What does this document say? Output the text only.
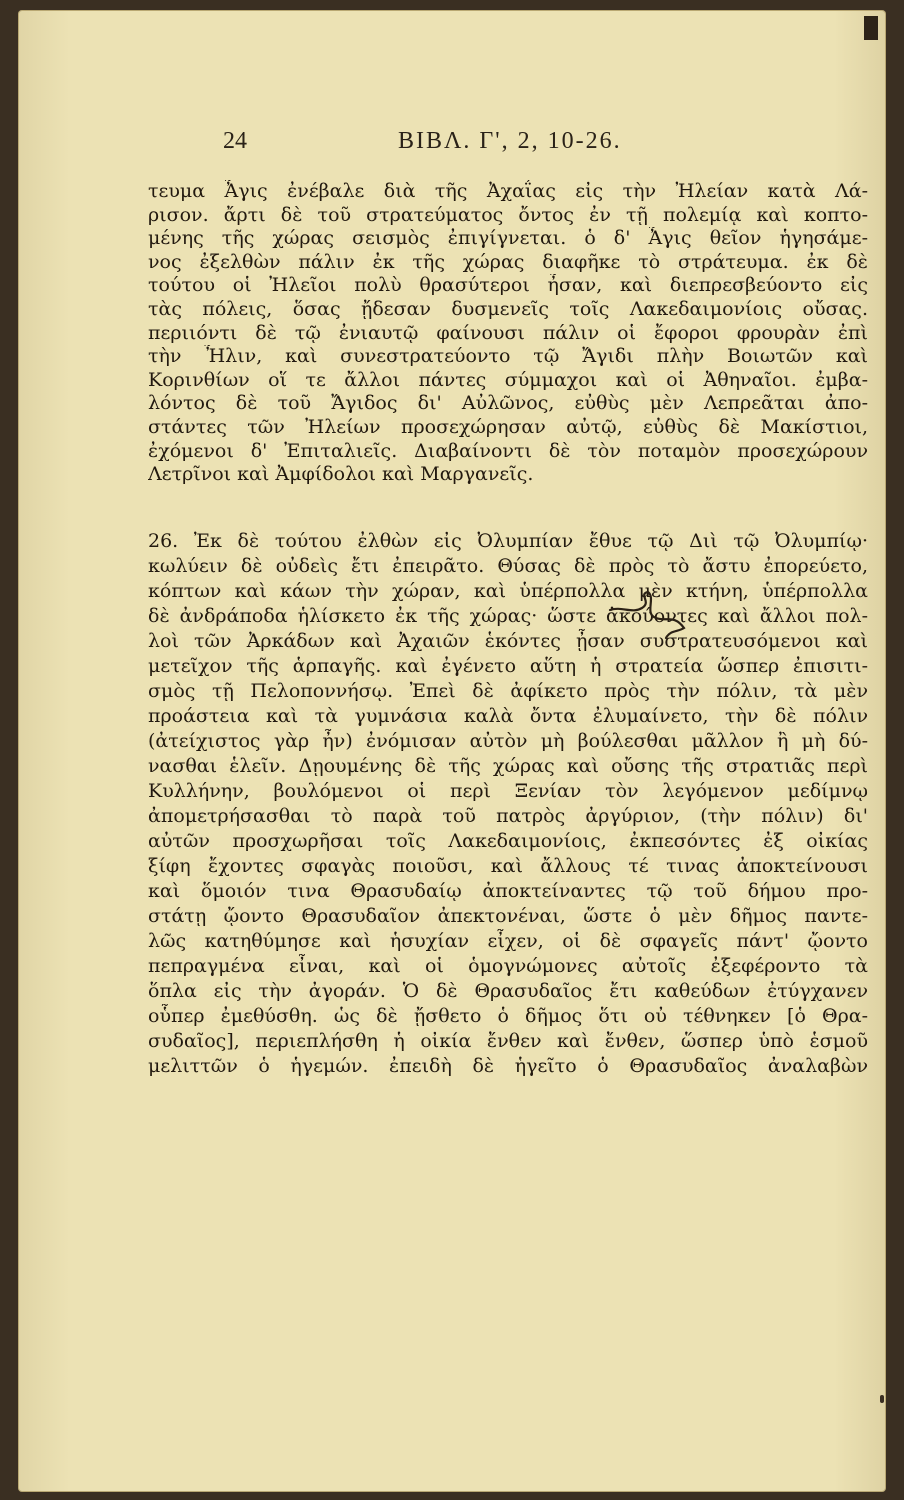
24	ΒΙΒΛ. Γ', 2, 10-26.
τευμα Ἆγις ἐνέβαλε διὰ τῆς Ἀχαΐας εἰς τὴν Ἠλείαν κατὰ Λά-
ρισον. ἄρτι δὲ τοῦ στρατεύματος ὄντος ἐν τῇ πολεμίᾳ καὶ κοπτο-
μένης τῆς χώρας σεισμὸς ἐπιγίγνεται. ὁ δ' Ἆγις θεῖον ἡγησάμε-
νος ἐξελθὼν πάλιν ἐκ τῆς χώρας διαφῆκε τὸ στράτευμα. ἐκ δὲ
τούτου οἱ Ἠλεῖοι πολὺ θρασύτεροι ἦσαν, καὶ διεπρεσβεύοντο εἰς
τὰς πόλεις, ὅσας ᾔδεσαν δυσμενεῖς τοῖς Λακεδαιμονίοις οὔσας.
περιιόντι δὲ τῷ ἐνιαυτῷ φαίνουσι πάλιν οἱ ἔφοροι φρουρὰν ἐπὶ
τὴν Ἦλιν, καὶ συνεστρατεύοντο τῷ Ἄγιδι πλὴν Βοιωτῶν καὶ
Κορινθίων οἵ τε ἄλλοι πάντες σύμμαχοι καὶ οἱ Ἀθηναῖοι. ἐμβα-
λόντος δὲ τοῦ Ἄγιδος δι' Αὐλῶνος, εὐθὺς μὲν Λεπρεᾶται ἀπο-
στάντες τῶν Ἠλείων προσεχώρησαν αὐτῷ, εὐθὺς δὲ Μακίστιοι,
ἐχόμενοι δ' Ἐπιταλιεῖς. Διαβαίνοντι δὲ τὸν ποταμὸν προσεχώρουν
Λετρῖνοι καὶ Ἀμφίδολοι καὶ Μαργανεῖς.
26. Ἐκ δὲ τούτου ἐλθὼν εἰς Ὀλυμπίαν ἔθυε τῷ Διὶ τῷ Ὀλυμπίῳ·
κωλύειν δὲ οὐδεὶς ἔτι ἐπειρᾶτο. Θύσας δὲ πρὸς τὸ ἄστυ ἐπορεύετο,
κόπτων καὶ κάων τὴν χώραν, καὶ ὑπέρπολλα μὲν κτήνη, ὑπέρπολλα
δὲ ἀνδράποδα ἡλίσκετο ἐκ τῆς χώρας· ὥστε ἀκούοντες καὶ ἄλλοι πολ-
λοὶ τῶν Ἀρκάδων καὶ Ἀχαιῶν ἑκόντες ᾖσαν συστρατευσόμενοι καὶ
μετεῖχον τῆς ἁρπαγῆς. καὶ ἐγένετο αὕτη ἡ στρατεία ὥσπερ ἐπισιτι-
σμὸς τῇ Πελοποννήσῳ. Ἐπεὶ δὲ ἀφίκετο πρὸς τὴν πόλιν, τὰ μὲν
προάστεια καὶ τὰ γυμνάσια καλὰ ὄντα ἐλυμαίνετο, τὴν δὲ πόλιν
(ἀτείχιστος γὰρ ἦν) ἐνόμισαν αὐτὸν μὴ βούλεσθαι μᾶλλον ἢ μὴ δύ-
νασθαι ἑλεῖν. Δῃουμένης δὲ τῆς χώρας καὶ οὔσης τῆς στρατιᾶς περὶ
Κυλλήνην, βουλόμενοι οἱ περὶ Ξενίαν τὸν λεγόμενον μεδίμνῳ
ἀπομετρήσασθαι τὸ παρὰ τοῦ πατρὸς ἀργύριον, (τὴν πόλιν) δι'
αὐτῶν προσχωρῆσαι τοῖς Λακεδαιμονίοις, ἐκπεσόντες ἐξ οἰκίας
ξίφη ἔχοντες σφαγὰς ποιοῦσι, καὶ ἄλλους τέ τινας ἀποκτείνουσι
καὶ ὅμοιόν τινα Θρασυδαίῳ ἀποκτείναντες τῷ τοῦ δήμου προ-
στάτῃ ᾤοντο Θρασυδαῖον ἀπεκτονέναι, ὥστε ὁ μὲν δῆμος παντε-
λῶς κατηθύμησε καὶ ἡσυχίαν εἶχεν, οἱ δὲ σφαγεῖς πάντ' ᾤοντο
πεπραγμένα εἶναι, καὶ οἱ ὁμογνώμονες αὐτοῖς ἐξεφέροντο τὰ
ὅπλα εἰς τὴν ἀγοράν. Ὁ δὲ Θρασυδαῖος ἔτι καθεύδων ἐτύγχανεν
οὗπερ ἐμεθύσθη. ὡς δὲ ᾔσθετο ὁ δῆμος ὅτι οὐ τέθνηκεν [ὁ Θρα-
συδαῖος], περιεπλήσθη ἡ οἰκία ἔνθεν καὶ ἔνθεν, ὥσπερ ὑπὸ ἑσμοῦ
μελιττῶν ὁ ἡγεμών. ἐπειδὴ δὲ ἡγεῖτο ὁ Θρασυδαῖος ἀναλαβὼν
